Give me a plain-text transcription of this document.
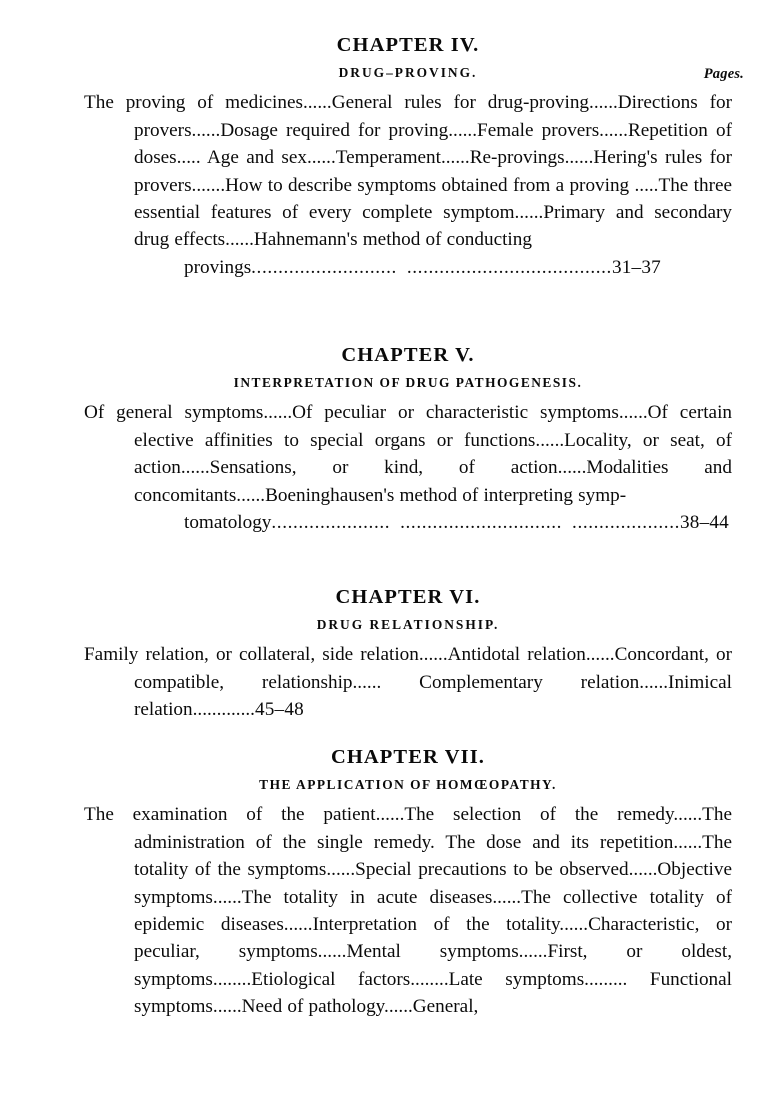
Pages.
CHAPTER IV.
DRUG–PROVING.
The proving of medicines......General rules for drug-proving......Directions for provers......Dosage required for proving......Female provers......Repetition of doses..... Age and sex......Temperament......Re-provings......Hering's rules for provers.......How to describe symptoms obtained from a proving .....The three essential features of every complete symptom......Primary and secondary drug effects......Hahnemann's method of conducting
provings........................... ......................................31–37
CHAPTER V.
INTERPRETATION OF DRUG PATHOGENESIS.
Of general symptoms......Of peculiar or characteristic symptoms......Of certain elective affinities to special organs or functions......Locality, or seat, of action......Sensations, or kind, of action......Modalities and concomitants......Boeninghausen's method of interpreting symp-
tomatology...................... .............................. ....................38–44
CHAPTER VI.
DRUG RELATIONSHIP.
Family relation, or collateral, side relation......Antidotal relation......Concordant, or compatible, relationship...... Complementary relation......Inimical relation.............45–48
CHAPTER VII.
THE APPLICATION OF HOMŒOPATHY.
The examination of the patient......The selection of the remedy......The administration of the single remedy. The dose and its repetition......The totality of the symptoms......Special precautions to be observed......Objective symptoms......The totality in acute diseases......The collective totality of epidemic diseases......Interpretation of the totality......Characteristic, or peculiar, symptoms......Mental symptoms......First, or oldest, symptoms........Etiological factors........Late symptoms......... Functional symptoms......Need of pathology......General,
